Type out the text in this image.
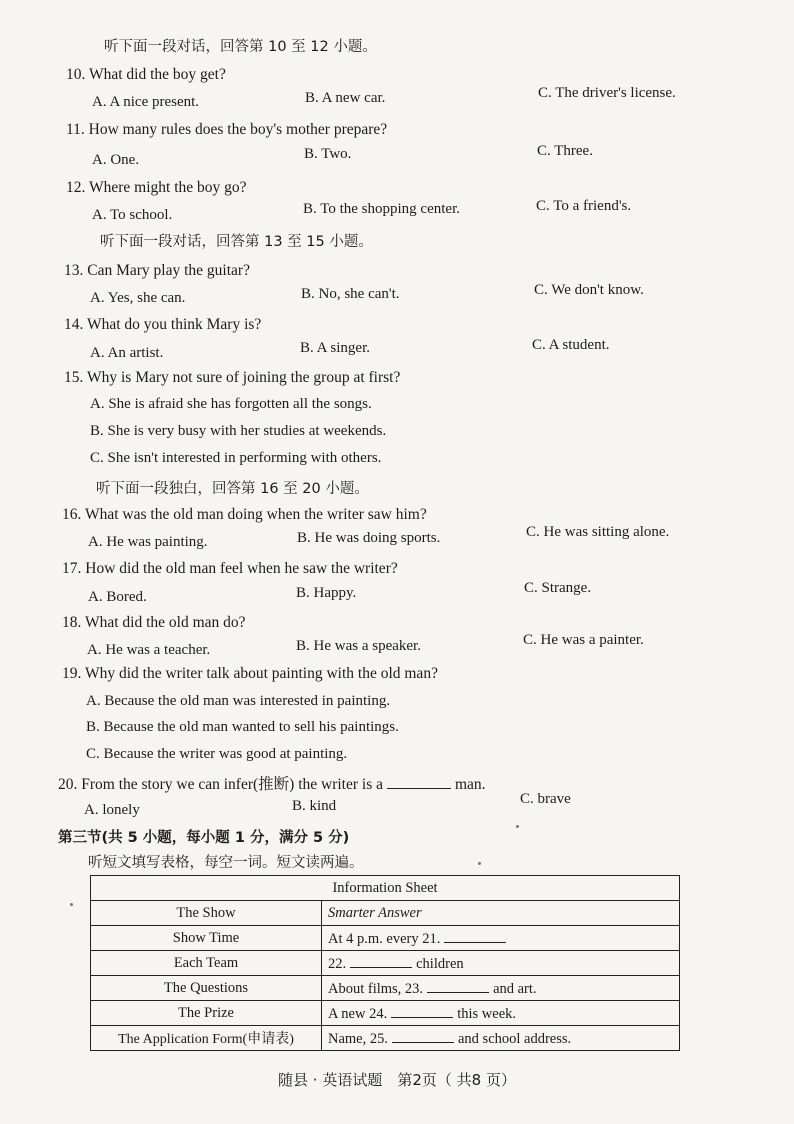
听下面一段对话，回答第 10 至 12 小题。
10. What did the boy get?
A. A nice present.	B. A new car.	C. The driver's license.
11. How many rules does the boy's mother prepare?
A. One.	B. Two.	C. Three.
12. Where might the boy go?
A. To school.	B. To the shopping center.	C. To a friend's.
听下面一段对话，回答第 13 至 15 小题。
13. Can Mary play the guitar?
A. Yes, she can.	B. No, she can't.	C. We don't know.
14. What do you think Mary is?
A. An artist.	B. A singer.	C. A student.
15. Why is Mary not sure of joining the group at first?
A. She is afraid she has forgotten all the songs.
B. She is very busy with her studies at weekends.
C. She isn't interested in performing with others.
听下面一段独白，回答第 16 至 20 小题。
16. What was the old man doing when the writer saw him?
A. He was painting.	B. He was doing sports.	C. He was sitting alone.
17. How did the old man feel when he saw the writer?
A. Bored.	B. Happy.	C. Strange.
18. What did the old man do?
A. He was a teacher.	B. He was a speaker.	C. He was a painter.
19. Why did the writer talk about painting with the old man?
A. Because the old man was interested in painting.
B. Because the old man wanted to sell his paintings.
C. Because the writer was good at painting.
20. From the story we can infer(推断) the writer is a	man.
A. lonely	B. kind	C. brave
第三节(共 5 小题，每小题 1 分，满分 5 分)
听短文填写表格，每空一词。短文读两遍。
Information Sheet	
The Show	Smarter Answer
Show Time	At 4 p.m. every 21.
Each Team	22. children
The Questions	About films, 23. and art.
The Prize	A new 24. this week.
The Application Form(申请表)	Name, 25. and school address.
随县 · 英语试题　第2页（ 共8 页）
